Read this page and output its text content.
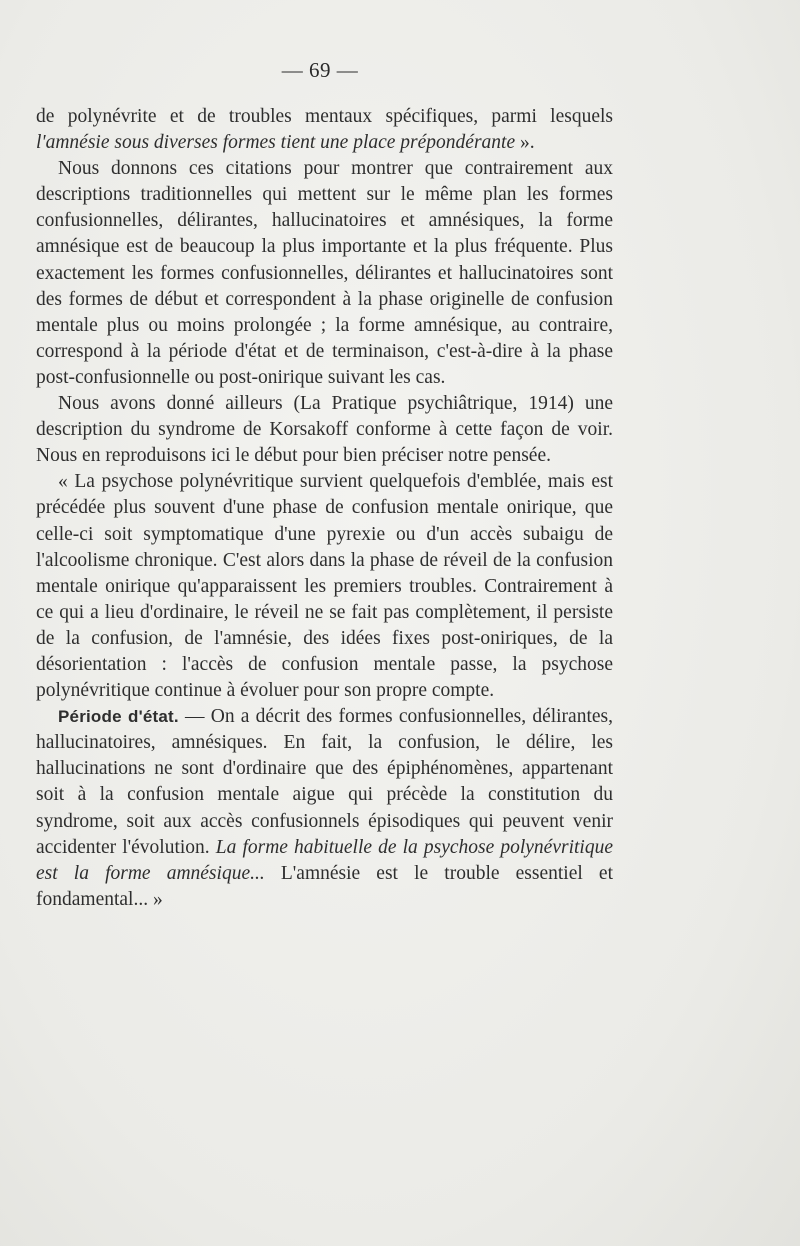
— 69 —

de polynévrite et de troubles mentaux spécifiques, parmi lesquels l'amnésie sous diverses formes tient une place prépondérante ».

Nous donnons ces citations pour montrer que contrairement aux descriptions traditionnelles qui mettent sur le même plan les formes confusionnelles, délirantes, hallucinatoires et amnésiques, la forme amnésique est de beaucoup la plus importante et la plus fréquente. Plus exactement les formes confusionnelles, délirantes et hallucinatoires sont des formes de début et correspondent à la phase originelle de confusion mentale plus ou moins prolongée ; la forme amnésique, au contraire, correspond à la période d'état et de terminaison, c'est-à-dire à la phase post-confusionnelle ou post-onirique suivant les cas.

Nous avons donné ailleurs (La Pratique psychiâtrique, 1914) une description du syndrome de Korsakoff conforme à cette façon de voir. Nous en reproduisons ici le début pour bien préciser notre pensée.

« La psychose polynévritique survient quelquefois d'emblée, mais est précédée plus souvent d'une phase de confusion mentale onirique, que celle-ci soit symptomatique d'une pyrexie ou d'un accès subaigu de l'alcoolisme chronique. C'est alors dans la phase de réveil de la confusion mentale onirique qu'apparaissent les premiers troubles. Contrairement à ce qui a lieu d'ordinaire, le réveil ne se fait pas complètement, il persiste de la confusion, de l'amnésie, des idées fixes post-oniriques, de la désorientation : l'accès de confusion mentale passe, la psychose polynévritique continue à évoluer pour son propre compte.

Période d'état. — On a décrit des formes confusionnelles, délirantes, hallucinatoires, amnésiques. En fait, la confusion, le délire, les hallucinations ne sont d'ordinaire que des épiphénomènes, appartenant soit à la confusion mentale aigue qui précède la constitution du syndrome, soit aux accès confusionnels épisodiques qui peuvent venir accidenter l'évolution. La forme habituelle de la psychose polynévritique est la forme amnésique... L'amnésie est le trouble essentiel et fondamental... »
